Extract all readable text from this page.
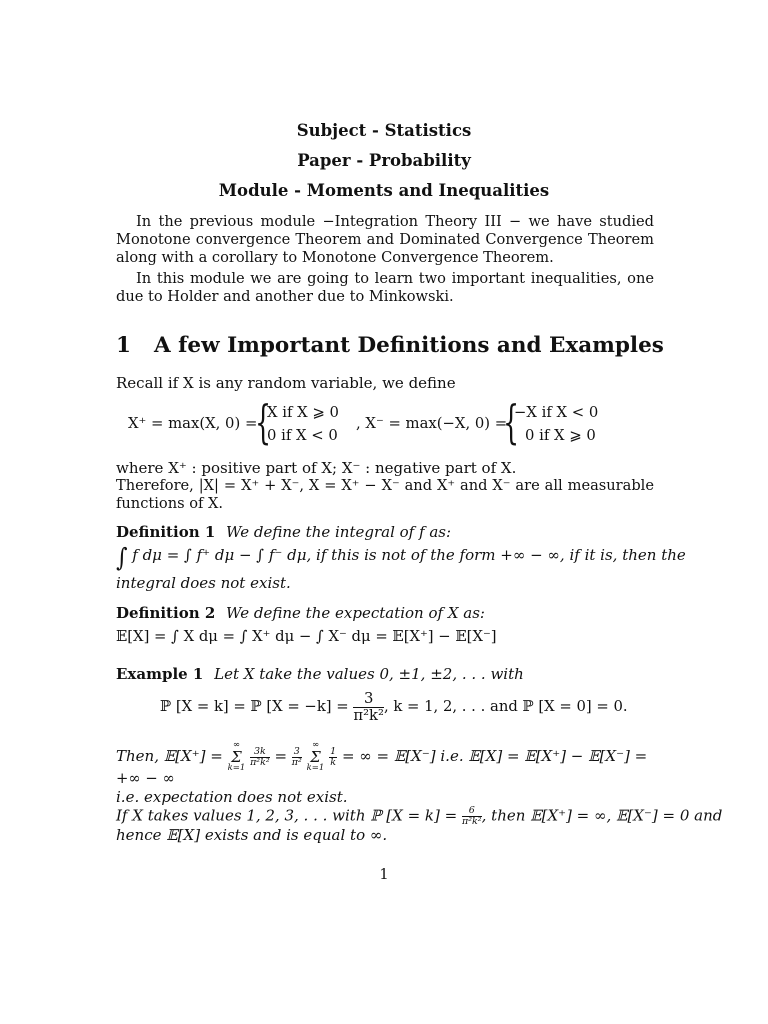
Subject - Statistics
Paper - Probability
Module - Moments and Inequalities
In the previous module −Integration Theory III − we have studied Monotone convergence Theorem and Dominated Convergence Theorem along with a corollary to Monotone Convergence Theorem.
In this module we are going to learn two important inequalities, one due to Holder and another due to Minkowski.
1 A few Important Definitions and Examples
Recall if X is any random variable, we define
X⁺ = max(X, 0) =
{
X if X ⩾ 0
0 if X < 0
, X⁻ = max(−X, 0) =
{
−X if X < 0
0 if X ⩾ 0
where X⁺ : positive part of X; X⁻ : negative part of X.
Therefore, |X| = X⁺ + X⁻, X = X⁺ − X⁻ and X⁺ and X⁻ are all measurable functions of X.
Definition 1 We define the integral of f as:
∫ f dμ = ∫ f⁺ dμ − ∫ f⁻ dμ, if this is not of the form +∞ − ∞, if it is, then the
integral does not exist.
Definition 2 We define the expectation of X as:
𝔼[X] = ∫ X dμ = ∫ X⁺ dμ − ∫ X⁻ dμ = 𝔼[X⁺] − 𝔼[X⁻]
Example 1 Let X take the values 0, ±1, ±2, . . . with
ℙ [X = k] = ℙ $[X = -k] = \frac{3}{\text{π²k²}}$ , k = 1, 2, . . . and ℙ [X = 0] = 0.
Then, 𝔼[X⁺] =
∞
Σ
k=1

$\frac{3k}{\text{π²k²}} = \frac{3}{\text{π²}}$

∞
Σ
k=1

$\frac{1}{k}$ = ∞ = 𝔼[X⁻] i.e. 𝔼[X] = 𝔼[X⁺] − 𝔼[X⁻] =
+∞ − ∞
i.e. expectation does not exist.
If X takes values 1, 2, 3, . . . with ℙ $[X = k] = \frac{6}{\text{π²k²}}$ , then 𝔼[X⁺] = ∞, 𝔼[X⁻] = 0 and
hence 𝔼[X] exists and is equal to ∞.
1
